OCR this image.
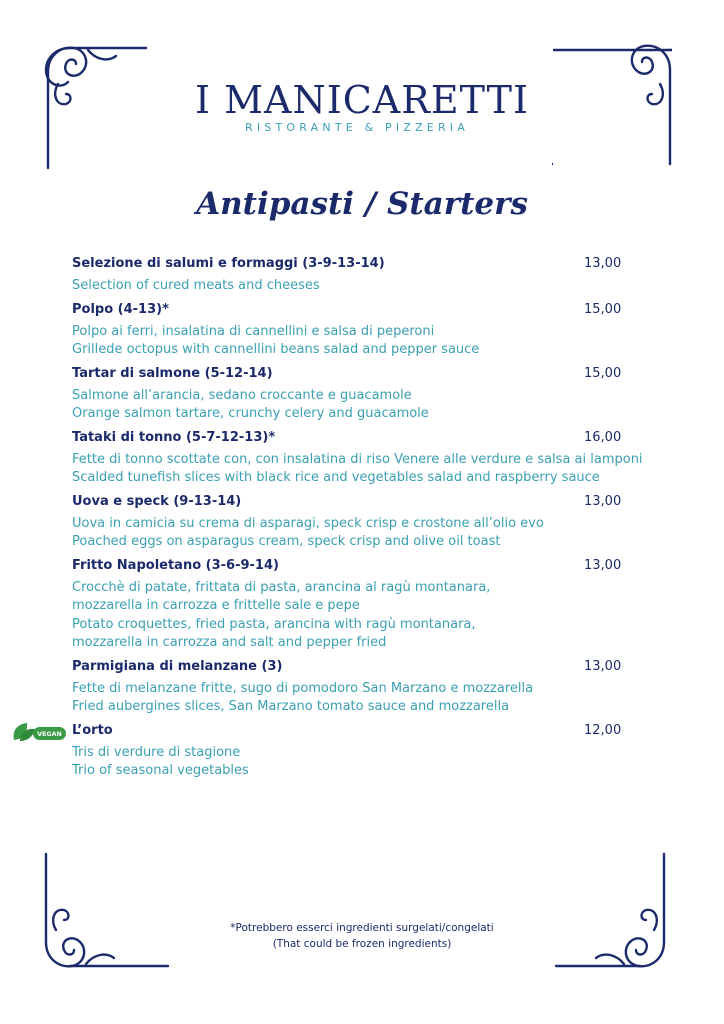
I MANICARETTI
RISTORANTE & PIZZERIA
Antipasti / Starters
Selezione di salumi e formaggi (3-9-13-14)	13,00
Selection of cured meats and cheeses
Polpo (4-13)*	15,00
Polpo ai ferri, insalatina di cannellini e salsa di peperoni
Grillede octopus with cannellini beans salad and pepper sauce
Tartar di salmone (5-12-14)	15,00
Salmone all’arancia, sedano croccante e guacamole
Orange salmon tartare, crunchy celery and guacamole
Tataki di tonno (5-7-12-13)*	16,00
Fette di tonno scottate con, con insalatina di riso Venere alle verdure e salsa ai lamponi
Scalded tunefish slices with black rice and vegetables salad and raspberry sauce
Uova e speck (9-13-14)	13,00
Uova in camicia su crema di asparagi, speck crisp e crostone all’olio evo
Poached eggs on asparagus cream, speck crisp and olive oil toast
Fritto Napoletano (3-6-9-14)	13,00
Crocchè di patate, frittata di pasta, arancina al ragù montanara,
mozzarella in carrozza e frittelle sale e pepe
Potato croquettes, fried pasta, arancina with ragù montanara,
mozzarella in carrozza and salt and pepper fried
Parmigiana di melanzane (3)	13,00
Fette di melanzane fritte, sugo di pomodoro San Marzano e mozzarella
Fried aubergines slices, San Marzano tomato sauce and mozzarella
L’orto	12,00
Tris di verdure di stagione
Trio of seasonal vegetables
VEGAN
*Potrebbero esserci ingredienti surgelati/congelati
(That could be frozen ingredients)
